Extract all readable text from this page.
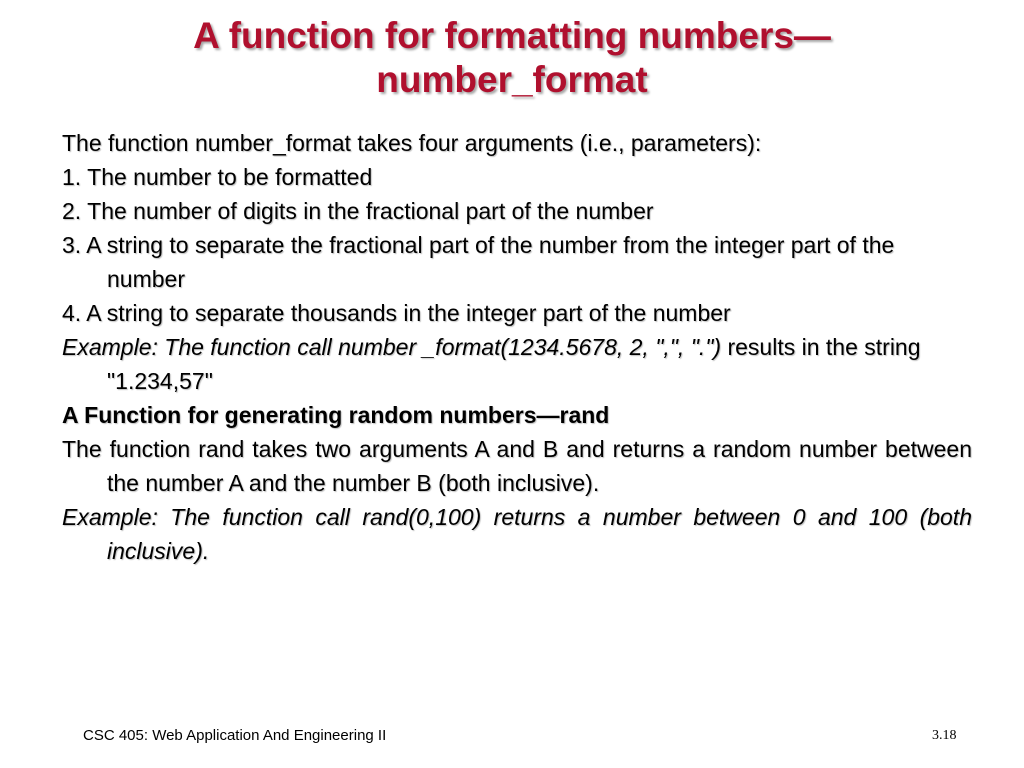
A function for formatting numbers—
number_format

The function number_format takes four arguments (i.e., parameters):

1. The number to be formatted

2. The number of digits in the fractional part of the number

3. A string to separate the fractional part of the number from the integer part of the number

4. A string to separate thousands in the integer part of the number

Example: The function call number _format(1234.5678, 2, ",", ".") results in the string "1.234,57"

A Function for generating random numbers—rand

The function rand takes two arguments A and B and returns a random number between the number A and the number B (both inclusive).

Example: The function call rand(0,100) returns a number between 0 and 100 (both inclusive).

CSC 405: Web Application And Engineering II	3.18
